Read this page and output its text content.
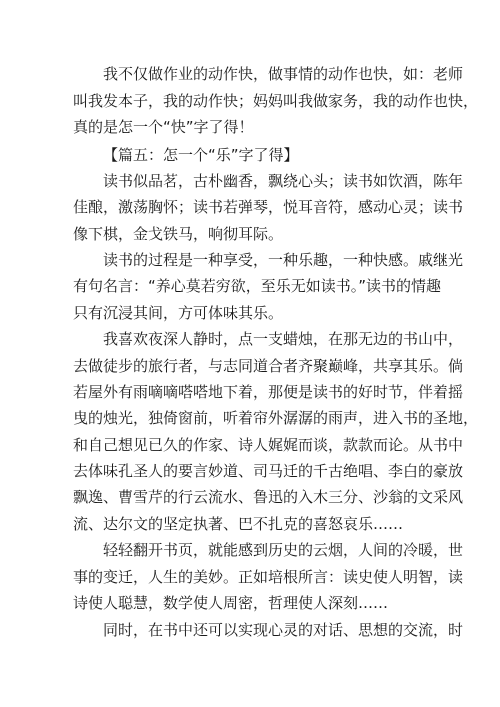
我不仅做作业的动作快，做事情的动作也快，如：老师
叫我发本子，我的动作快；妈妈叫我做家务，我的动作也快，
真的是怎一个“快”字了得！
【篇五：怎一个“乐”字了得】
读书似品茗，古朴幽香，飘绕心头；读书如饮酒，陈年
佳酿，激荡胸怀；读书若弹琴，悦耳音符，感动心灵；读书
像下棋，金戈铁马，响彻耳际。
读书的过程是一种享受，一种乐趣，一种快感。戚继光
有句名言：“养心莫若穷欲，至乐无如读书。”读书的情趣
只有沉浸其间，方可体味其乐。
我喜欢夜深人静时，点一支蜡烛，在那无边的书山中，
去做徒步的旅行者，与志同道合者齐聚巅峰，共享其乐。倘
若屋外有雨嘀嘀嗒嗒地下着，那便是读书的好时节，伴着摇
曳的烛光，独倚窗前，听着帘外潺潺的雨声，进入书的圣地，
和自己想见已久的作家、诗人娓娓而谈，款款而论。从书中
去体味孔圣人的要言妙道、司马迁的千古绝唱、李白的豪放
飘逸、曹雪芹的行云流水、鲁迅的入木三分、沙翁的文采风
流、达尔文的坚定执著、巴不扎克的喜怒哀乐……
轻轻翻开书页，就能感到历史的云烟，人间的冷暖，世
事的变迁，人生的美妙。正如培根所言：读史使人明智，读
诗使人聪慧，数学使人周密，哲理使人深刻……
同时，在书中还可以实现心灵的对话、思想的交流，时
